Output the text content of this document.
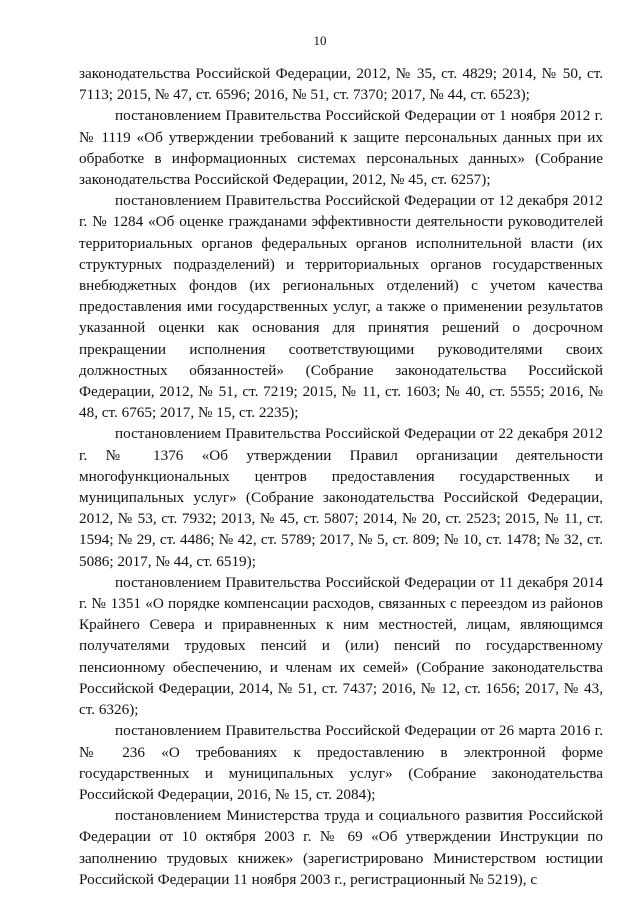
10

законодательства Российской Федерации, 2012, № 35, ст. 4829; 2014, № 50, ст. 7113; 2015, № 47, ст. 6596; 2016, № 51, ст. 7370; 2017, № 44, ст. 6523);

постановлением Правительства Российской Федерации от 1 ноября 2012 г. № 1119 «Об утверждении требований к защите персональных данных при их обработке в информационных системах персональных данных» (Собрание законодательства Российской Федерации, 2012, № 45, ст. 6257);

постановлением Правительства Российской Федерации от 12 декабря 2012 г. № 1284 «Об оценке гражданами эффективности деятельности руководителей территориальных органов федеральных органов исполнительной власти (их структурных подразделений) и территориальных органов государственных внебюджетных фондов (их региональных отделений) с учетом качества предоставления ими государственных услуг, а также о применении результатов указанной оценки как основания для принятия решений о досрочном прекращении исполнения соответствующими руководителями своих должностных обязанностей» (Собрание законодательства Российской Федерации, 2012, № 51, ст. 7219; 2015, № 11, ст. 1603; № 40, ст. 5555; 2016, № 48, ст. 6765; 2017, № 15, ст. 2235);

постановлением Правительства Российской Федерации от 22 декабря 2012 г. № 1376 «Об утверждении Правил организации деятельности многофункциональных центров предоставления государственных и муниципальных услуг» (Собрание законодательства Российской Федерации, 2012, № 53, ст. 7932; 2013, № 45, ст. 5807; 2014, № 20, ст. 2523; 2015, № 11, ст. 1594; № 29, ст. 4486; № 42, ст. 5789; 2017, № 5, ст. 809; № 10, ст. 1478; № 32, ст. 5086; 2017, № 44, ст. 6519);

постановлением Правительства Российской Федерации от 11 декабря 2014 г. № 1351 «О порядке компенсации расходов, связанных с переездом из районов Крайнего Севера и приравненных к ним местностей, лицам, являющимся получателями трудовых пенсий и (или) пенсий по государственному пенсионному обеспечению, и членам их семей» (Собрание законодательства Российской Федерации, 2014, № 51, ст. 7437; 2016, № 12, ст. 1656; 2017, № 43, ст. 6326);

постановлением Правительства Российской Федерации от 26 марта 2016 г. № 236 «О требованиях к предоставлению в электронной форме государственных и муниципальных услуг» (Собрание законодательства Российской Федерации, 2016, № 15, ст. 2084);

постановлением Министерства труда и социального развития Российской Федерации от 10 октября 2003 г. № 69 «Об утверждении Инструкции по заполнению трудовых книжек» (зарегистрировано Министерством юстиции Российской Федерации 11 ноября 2003 г., регистрационный № 5219), с
